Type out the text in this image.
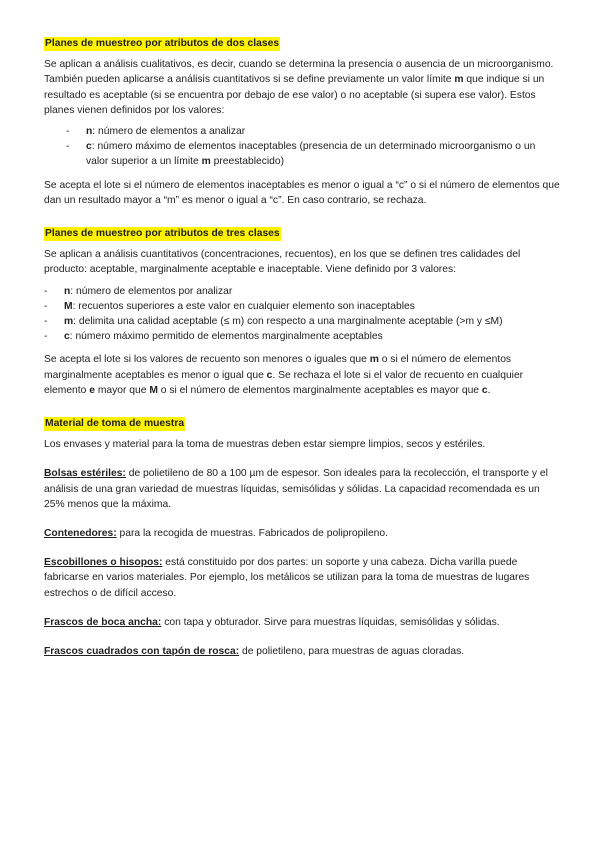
Planes de muestreo por atributos de dos clases

Se aplican a análisis cualitativos, es decir, cuando se determina la presencia o ausencia de un microorganismo. También pueden aplicarse a análisis cuantitativos si se define previamente un valor límite m que indique si un resultado es aceptable (si se encuentra por debajo de ese valor) o no aceptable (si supera ese valor). Estos planes vienen definidos por los valores:

- n: número de elementos a analizar
- c: número máximo de elementos inaceptables (presencia de un determinado microorganismo o un valor superior a un límite m preestablecido)

Se acepta el lote si el número de elementos inaceptables es menor o igual a “c” o si el número de elementos que dan un resultado mayor a “m” es menor o igual a “c”. En caso contrario, se rechaza.

Planes de muestreo por atributos de tres clases

Se aplican a análisis cuantitativos (concentraciones, recuentos), en los que se definen tres calidades del producto: aceptable, marginalmente aceptable e inaceptable. Viene definido por 3 valores:

- n: número de elementos por analizar
- M: recuentos superiores a este valor en cualquier elemento son inaceptables
- m: delimita una calidad aceptable (≤ m) con respecto a una marginalmente aceptable (>m y ≤M)
- c: número máximo permitido de elementos marginalmente aceptables

Se acepta el lote si los valores de recuento son menores o iguales que m o si el número de elementos marginalmente aceptables es menor o igual que c. Se rechaza el lote si el valor de recuento en cualquier elemento e mayor que M o si el número de elementos marginalmente aceptables es mayor que c.

Material de toma de muestra

Los envases y material para la toma de muestras deben estar siempre limpios, secos y estériles.

Bolsas estériles: de polietileno de 80 a 100 µm de espesor. Son ideales para la recolección, el transporte y el análisis de una gran variedad de muestras líquidas, semisólidas y sólidas. La capacidad recomendada es un 25% menos que la máxima.

Contenedores: para la recogida de muestras. Fabricados de polipropileno.

Escobillones o hisopos: está constituido por dos partes: un soporte y una cabeza. Dicha varilla puede fabricarse en varios materiales. Por ejemplo, los metálicos se utilizan para la toma de muestras de lugares estrechos o de difícil acceso.

Frascos de boca ancha: con tapa y obturador. Sirve para muestras líquidas, semisólidas y sólidas.

Frascos cuadrados con tapón de rosca: de polietileno, para muestras de aguas cloradas.
